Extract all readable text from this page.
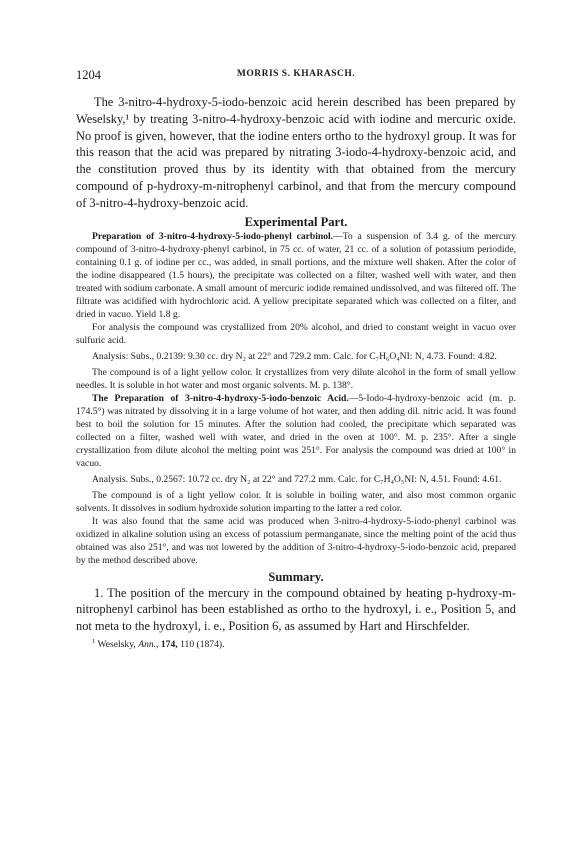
1204	MORRIS S. KHARASCH.

The 3-nitro-4-hydroxy-5-iodo-benzoic acid herein described has been prepared by Weselsky,¹ by treating 3-nitro-4-hydroxy-benzoic acid with iodine and mercuric oxide. No proof is given, however, that the iodine enters ortho to the hydroxyl group. It was for this reason that the acid was prepared by nitrating 3-iodo-4-hydroxy-benzoic acid, and the constitution proved thus by its identity with that obtained from the mercury compound of p-hydroxy-m-nitrophenyl carbinol, and that from the mercury compound of 3-nitro-4-hydroxy-benzoic acid.

Experimental Part.

Preparation of 3-nitro-4-hydroxy-5-iodo-phenyl carbinol.—To a suspension of 3.4 g. of the mercury compound of 3-nitro-4-hydroxy-phenyl carbinol, in 75 cc. of water, 21 cc. of a solution of potassium periodide, containing 0.1 g. of iodine per cc., was added, in small portions, and the mixture well shaken. After the color of the iodine disappeared (1.5 hours), the precipitate was collected on a filter, washed well with water, and then treated with sodium carbonate. A small amount of mercuric iodide remained undissolved, and was filtered off. The filtrate was acidified with hydrochloric acid. A yellow precipitate separated which was collected on a filter, and dried in vacuo. Yield 1.8 g.

For analysis the compound was crystallized from 20% alcohol, and dried to constant weight in vacuo over sulfuric acid.

Analysis: Subs., 0.2139: 9.30 cc. dry N₂ at 22° and 729.2 mm. Calc. for C₇H₆O₄NI: N, 4.73. Found: 4.82.

The compound is of a light yellow color. It crystallizes from very dilute alcohol in the form of small yellow needles. It is soluble in hot water and most organic solvents. M. p. 138°.

The Preparation of 3-nitro-4-hydroxy-5-iodo-benzoic Acid.—5-Iodo-4-hydroxy-benzoic acid (m. p. 174.5°) was nitrated by dissolving it in a large volume of hot water, and then adding dil. nitric acid. It was found best to boil the solution for 15 minutes. After the solution had cooled, the precipitate which separated was collected on a filter, washed well with water, and dried in the oven at 100°. M. p. 235°. After a single crystallization from dilute alcohol the melting point was 251°. For analysis the compound was dried at 100° in vacuo.

Analysis. Subs., 0.2567: 10.72 cc. dry N₂ at 22° and 727.2 mm. Calc. for C₇H₄O₅NI: N, 4.51. Found: 4.61.

The compound is of a light yellow color. It is soluble in boiling water, and also most common organic solvents. It dissolves in sodium hydroxide solution imparting to the latter a red color.

It was also found that the same acid was produced when 3-nitro-4-hydroxy-5-iodo-phenyl carbinol was oxidized in alkaline solution using an excess of potassium permanganate, since the melting point of the acid thus obtained was also 251°, and was not lowered by the addition of 3-nitro-4-hydroxy-5-iodo-benzoic acid, prepared by the method described above.

Summary.

1. The position of the mercury in the compound obtained by heating p-hydroxy-m-nitrophenyl carbinol has been established as ortho to the hydroxyl, i. e., Position 5, and not meta to the hydroxyl, i. e., Position 6, as assumed by Hart and Hirschfelder.

$^1$ Weselsky, Ann., 174, 110 (1874).
